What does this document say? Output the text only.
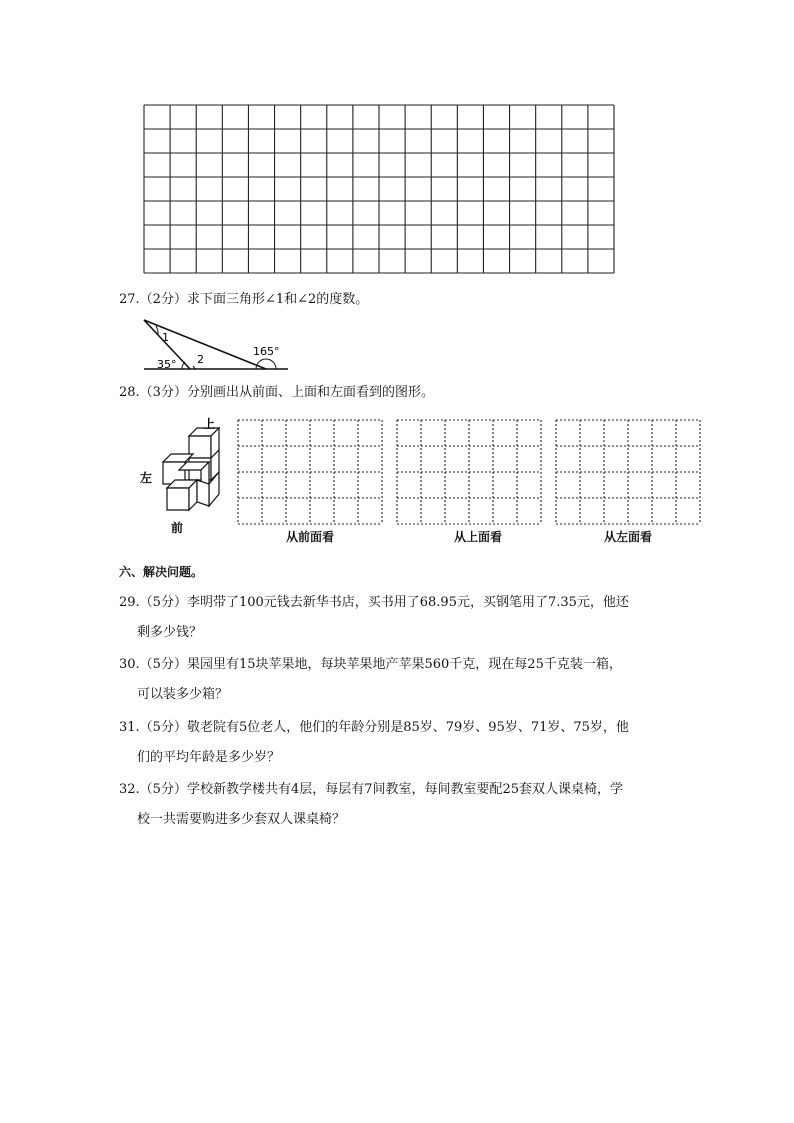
27.（2分）求下面三角形∠1和∠2的度数。
1
2
35°
165°
28.（3分）分别画出从前面、上面和左面看到的图形。
上
左
前
从前面看	从上面看	从左面看
六、解决问题。
29.（5分）李明带了100元钱去新华书店，买书用了68.95元，买钢笔用了7.35元，他还
剩多少钱？
30.（5分）果园里有15块苹果地，每块苹果地产苹果560千克，现在每25千克装一箱，
可以装多少箱？
31.（5分）敬老院有5位老人，他们的年龄分别是85岁、79岁、95岁、71岁、75岁，他
们的平均年龄是多少岁？
32.（5分）学校新教学楼共有4层，每层有7间教室，每间教室要配25套双人课桌椅，学
校一共需要购进多少套双人课桌椅？
